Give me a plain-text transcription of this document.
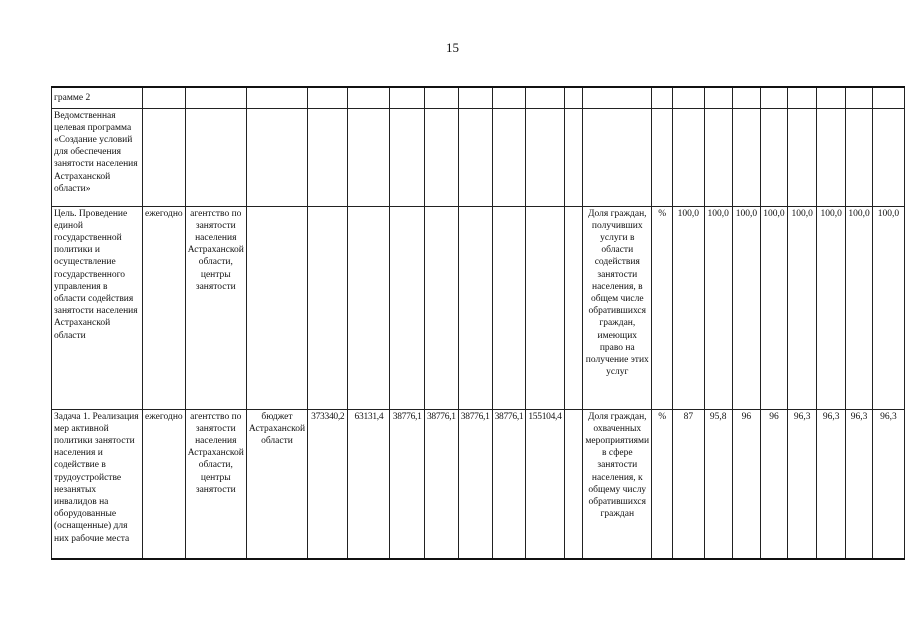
15
грамме 2																					
Ведомственная целевая программа «Создание условий для обеспечения занятости населения Астраханской области»																					
Цель. Проведение единой государственной политики и осуществление государственного управления в области содействия занятости населения Астраханской области	ежегодно	агентство по занятости населения Астраханской области, центры занятости										Доля граждан, получивших услуги в области содействия занятости населения, в общем числе обратившихся граждан, имеющих право на получение этих услуг	%	100,0	100,0	100,0	100,0	100,0	100,0	100,0	100,0
Задача 1. Реализация мер активной политики занятости населения и содействие в трудоустройстве незанятых инвалидов на оборудованные (оснащенные) для них рабочие места	ежегодно	агентство по занятости населения Астраханской области, центры занятости	бюджет Астраханской области	373340,2	63131,4	38776,1	38776,1	38776,1	38776,1	155104,4		Доля граждан, охваченных мероприятиями в сфере занятости населения, к общему числу обратившихся граждан	%	87	95,8	96	96	96,3	96,3	96,3	96,3
